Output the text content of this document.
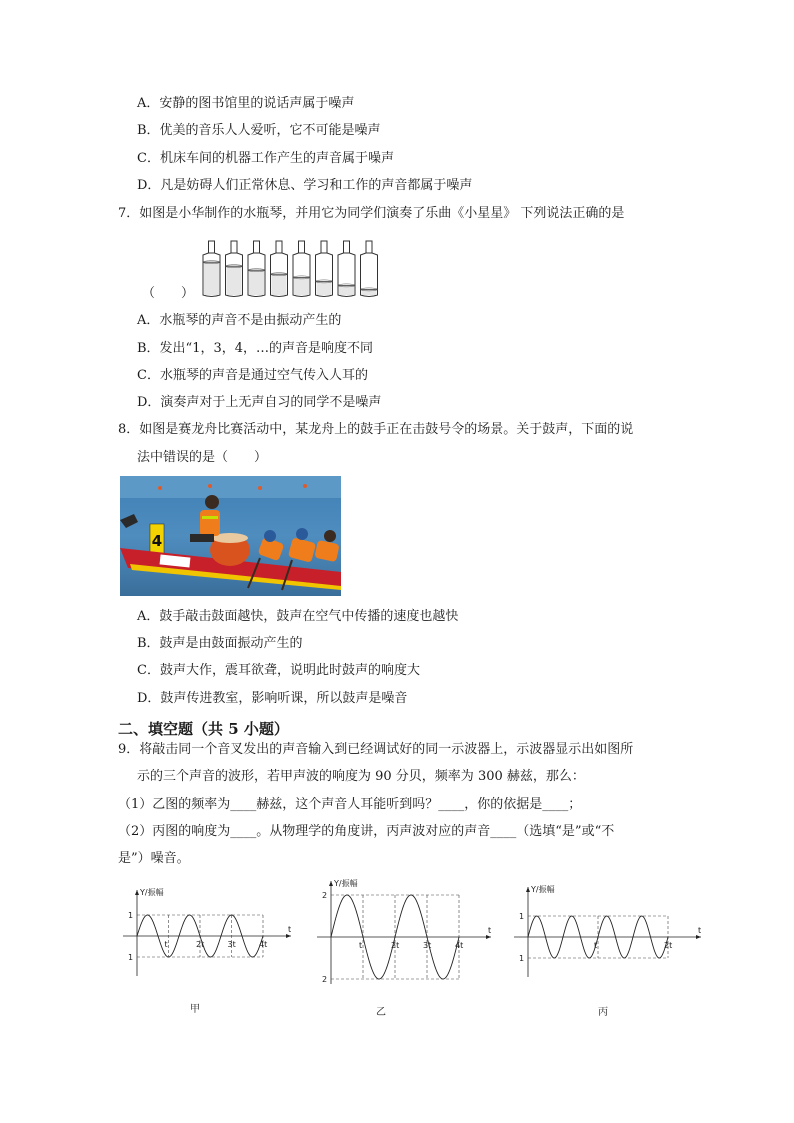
A．安静的图书馆里的说话声属于噪声
B．优美的音乐人人爱听，它不可能是噪声
C．机床车间的机器工作产生的声音属于噪声
D．凡是妨碍人们正常休息、学习和工作的声音都属于噪声
7．如图是小华制作的水瓶琴，并用它为同学们演奏了乐曲《小星星》 下列说法正确的是
（　　）
A．水瓶琴的声音不是由振动产生的
B．发出“1，3，4，…的声音是响度不同
C．水瓶琴的声音是通过空气传入人耳的
D．演奏声对于上无声自习的同学不是噪声
8．如图是赛龙舟比赛活动中，某龙舟上的鼓手正在击鼓号令的场景。关于鼓声，下面的说
法中错误的是（　　）
4
A．鼓手敲击鼓面越快，鼓声在空气中传播的速度也越快
B．鼓声是由鼓面振动产生的
C．鼓声大作，震耳欲聋，说明此时鼓声的响度大
D．鼓声传进教室，影响听课，所以鼓声是噪音
二、填空题（共 5 小题）
9．将敲击同一个音叉发出的声音输入到已经调试好的同一示波器上，示波器显示出如图所
示的三个声音的波形，若甲声波的响度为 90 分贝，频率为 300 赫兹，那么：
（1）乙图的频率为____赫兹，这个声音人耳能听到吗？____，你的依据是____；
（2）丙图的响度为____。从物理学的角度讲，丙声波对应的声音____（选填“是”或“不
是”）噪音。
Y/振幅
t
1
1
t	2t	3t	4t
Y/振幅
t
2
2
t	2t	3t	4t
Y/振幅
t
1
1
t	2t
甲	乙	丙
